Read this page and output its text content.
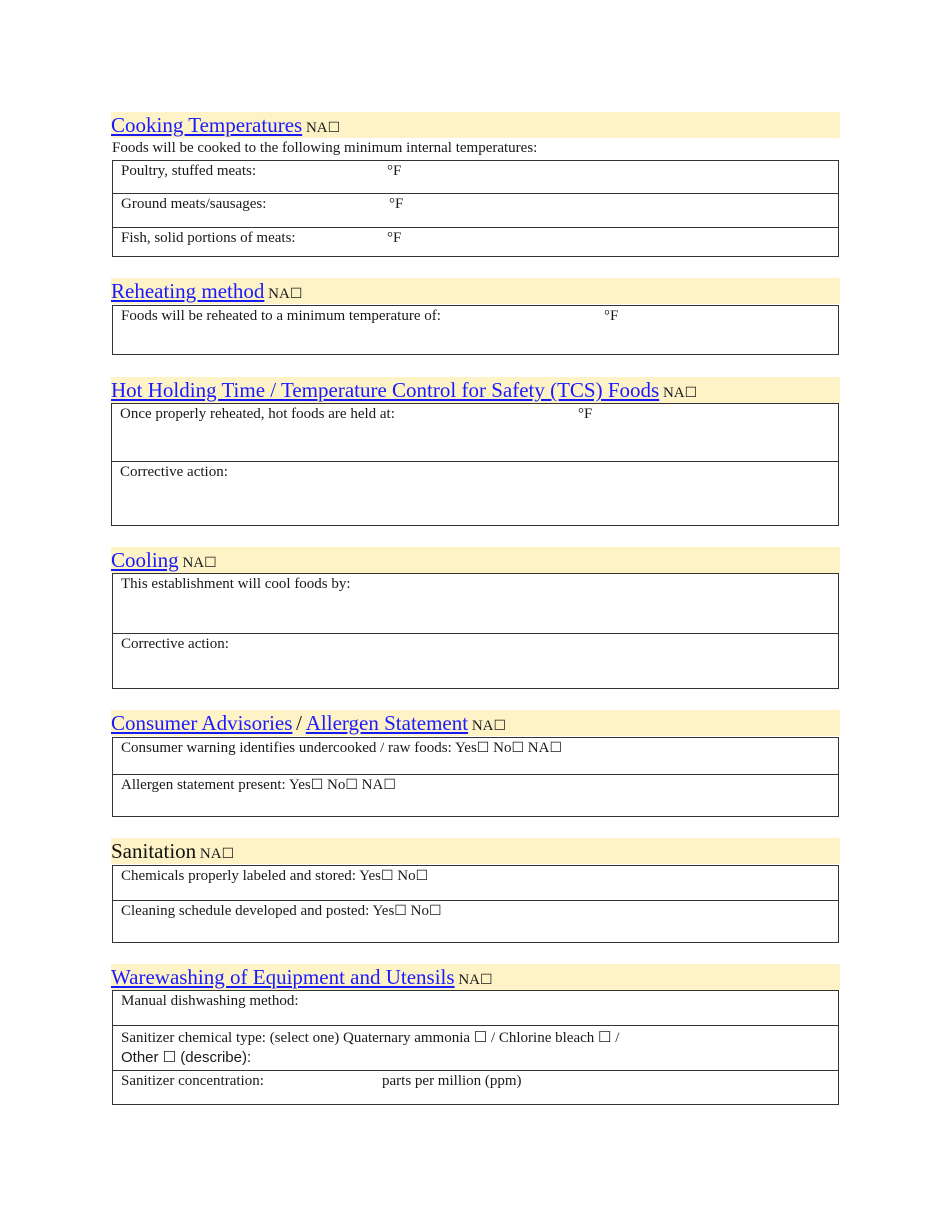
Cooking Temperatures NA☐
Foods will be cooked to the following minimum internal temperatures:
Poultry, stuffed meats:	°F
Ground meats/sausages:	°F
Fish, solid portions of meats:	°F
Reheating method NA☐
Foods will be reheated to a minimum temperature of:	°F
Hot Holding Time / Temperature Control for Safety (TCS) Foods NA☐
Once properly reheated, hot foods are held at:	°F
Corrective action:
Cooling NA☐
This establishment will cool foods by:
Corrective action:
Consumer Advisories / Allergen Statement NA☐
Consumer warning identifies undercooked / raw foods: Yes☐ No☐ NA☐
Allergen statement present: Yes☐ No☐ NA☐
Sanitation NA☐
Chemicals properly labeled and stored: Yes☐ No☐
Cleaning schedule developed and posted: Yes☐ No☐
Warewashing of Equipment and Utensils NA☐
Manual dishwashing method:
Sanitizer chemical type: (select one) Quaternary ammonia ☐ / Chlorine bleach ☐ /
Other ☐ (describe):
Sanitizer concentration:	parts per million (ppm)
